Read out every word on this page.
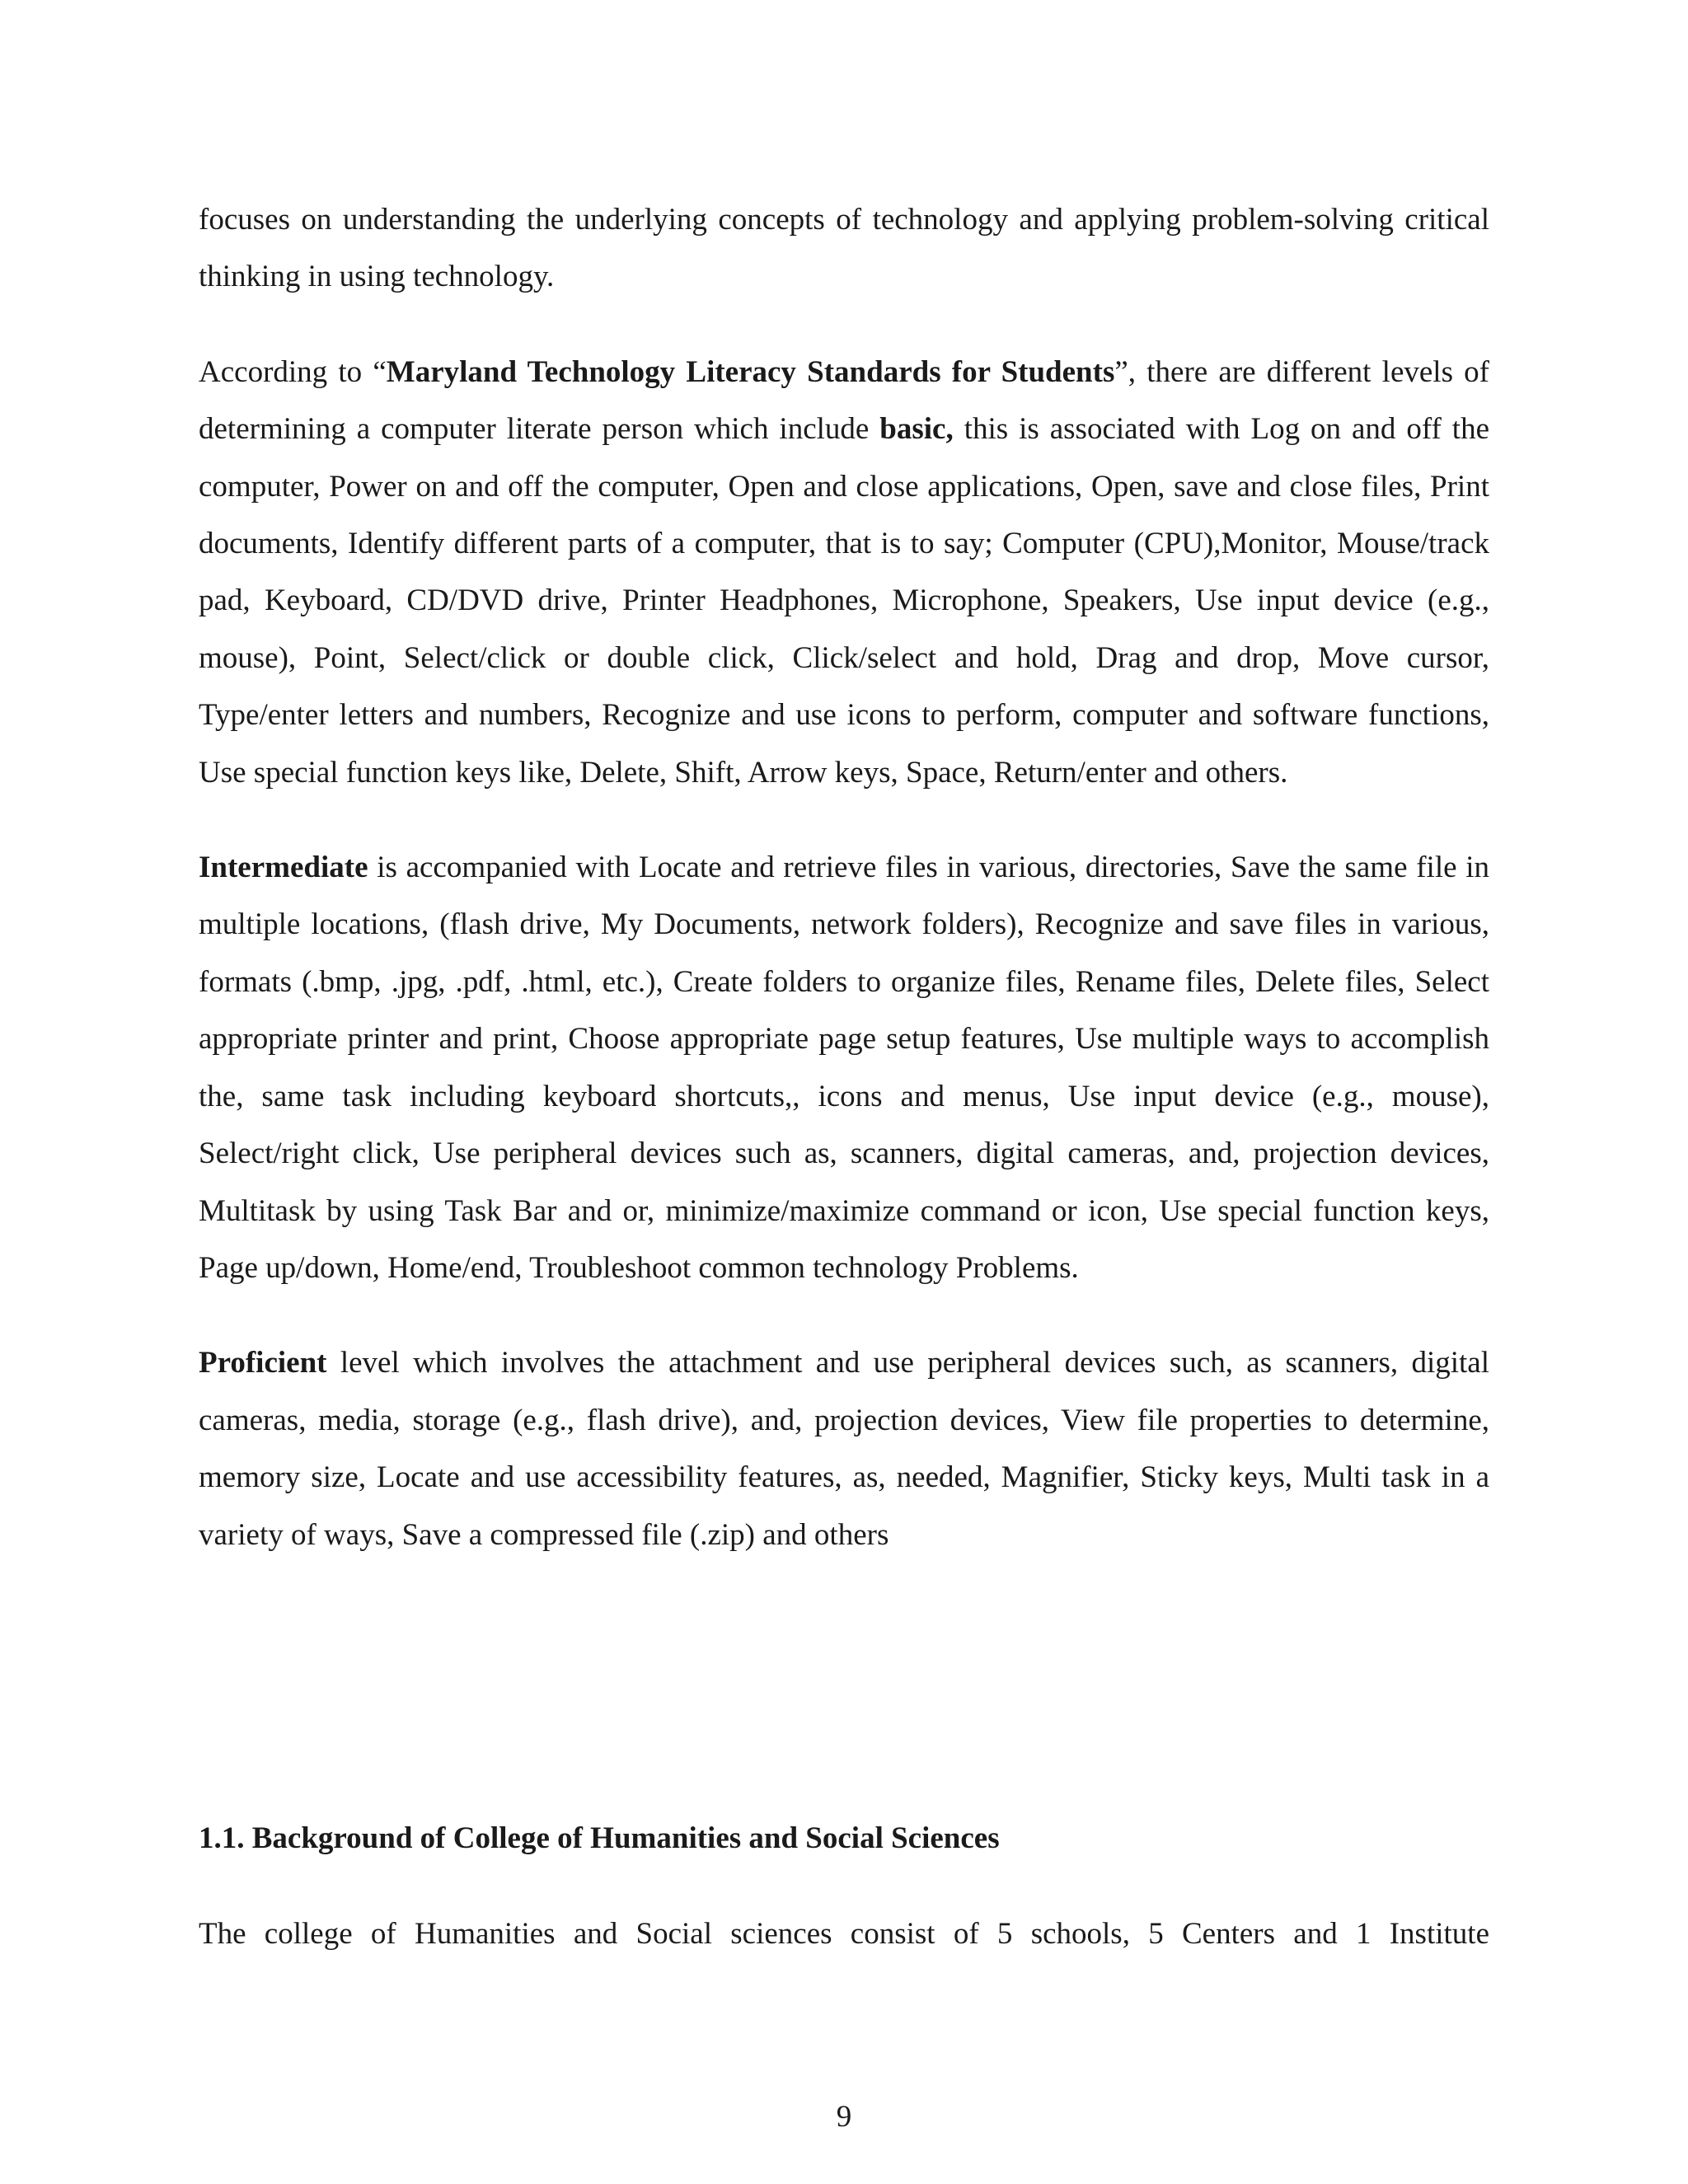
focuses on understanding the underlying concepts of technology and applying problem-solving critical thinking in using technology.

According to “Maryland Technology Literacy Standards for Students”, there are different levels of determining a computer literate person which include basic, this is associated with Log on and off the computer, Power on and off the computer, Open and close applications, Open, save and close files, Print documents, Identify different parts of a computer, that is to say; Computer (CPU),Monitor, Mouse/track pad, Keyboard, CD/DVD drive, Printer Headphones, Microphone, Speakers, Use input device (e.g., mouse), Point, Select/click or double click, Click/select and hold, Drag and drop, Move cursor, Type/enter letters and numbers, Recognize and use icons to perform, computer and software functions, Use special function keys like, Delete, Shift, Arrow keys, Space, Return/enter and others.

Intermediate is accompanied with Locate and retrieve files in various, directories, Save the same file in multiple locations, (flash drive, My Documents, network folders), Recognize and save files in various, formats (.bmp, .jpg, .pdf, .html, etc.), Create folders to organize files, Rename files, Delete files, Select appropriate printer and print, Choose appropriate page setup features, Use multiple ways to accomplish the, same task including keyboard shortcuts,, icons and menus, Use input device (e.g., mouse), Select/right click, Use peripheral devices such as, scanners, digital cameras, and, projection devices, Multitask by using Task Bar and or, minimize/maximize command or icon, Use special function keys, Page up/down, Home/end, Troubleshoot common technology Problems.

Proficient level which involves the attachment and use peripheral devices such, as scanners, digital cameras, media, storage (e.g., flash drive), and, projection devices, View file properties to determine, memory size, Locate and use accessibility features, as, needed, Magnifier, Sticky keys, Multi task in a variety of ways, Save a compressed file (.zip) and others

1.1. Background of College of Humanities and Social Sciences

The college of Humanities and Social sciences consist of 5 schools, 5 Centers and 1 Institute

9
